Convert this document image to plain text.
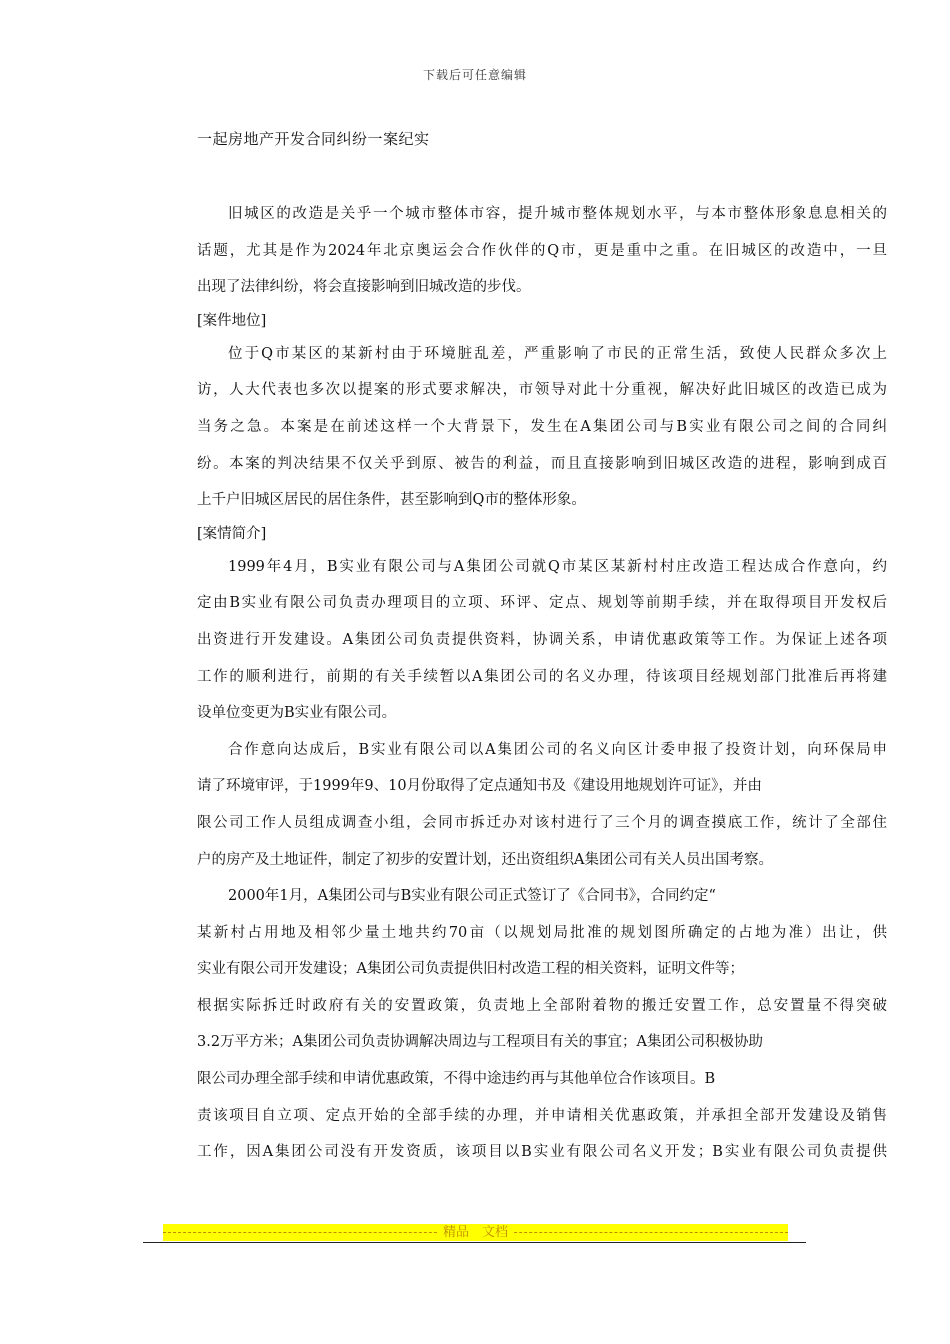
下载后可任意编辑
一起房地产开发合同纠纷一案纪实
旧城区的改造是关乎一个城市整体市容，提升城市整体规划水平，与本市整体形象息息相关的
话题，尤其是作为2024年北京奥运会合作伙伴的Q市，更是重中之重。在旧城区的改造中，一旦
出现了法律纠纷，将会直接影响到旧城改造的步伐。
[案件地位]
位于Q市某区的某新村由于环境脏乱差，严重影响了市民的正常生活，致使人民群众多次上
访，人大代表也多次以提案的形式要求解决，市领导对此十分重视，解决好此旧城区的改造已成为
当务之急。本案是在前述这样一个大背景下，发生在A集团公司与B实业有限公司之间的合同纠
纷。本案的判决结果不仅关乎到原、被告的利益，而且直接影响到旧城区改造的进程，影响到成百
上千户旧城区居民的居住条件，甚至影响到Q市的整体形象。
[案情简介]
1999年4月，B实业有限公司与A集团公司就Q市某区某新村村庄改造工程达成合作意向，约
定由B实业有限公司负责办理项目的立项、环评、定点、规划等前期手续，并在取得项目开发权后
出资进行开发建设。A集团公司负责提供资料，协调关系，申请优惠政策等工作。为保证上述各项
工作的顺利进行，前期的有关手续暂以A集团公司的名义办理，待该项目经规划部门批准后再将建
设单位变更为B实业有限公司。
合作意向达成后，B实业有限公司以A集团公司的名义向区计委申报了投资计划，向环保局申
请了环境审评，于1999年9、10月份取得了定点通知书及《建设用地规划许可证》，并由
限公司工作人员组成调查小组，会同市拆迁办对该村进行了三个月的调查摸底工作，统计了全部住
户的房产及土地证件，制定了初步的安置计划，还出资组织A集团公司有关人员出国考察。
2000年1月，A集团公司与B实业有限公司正式签订了《合同书》，合同约定“
某新村占用地及相邻少量土地共约70亩（以规划局批准的规划图所确定的占地为准）出让，供
实业有限公司开发建设；A集团公司负责提供旧村改造工程的相关资料，证明文件等；
根据实际拆迁时政府有关的安置政策，负责地上全部附着物的搬迁安置工作，总安置量不得突破
3.2万平方米；A集团公司负责协调解决周边与工程项目有关的事宜；A集团公司积极协助
限公司办理全部手续和申请优惠政策，不得中途违约再与其他单位合作该项目。B
责该项目自立项、定点开始的全部手续的办理，并申请相关优惠政策，并承担全部开发建设及销售
工作，因A集团公司没有开发资质，该项目以B实业有限公司名义开发；B实业有限公司负责提供
精品　文档
